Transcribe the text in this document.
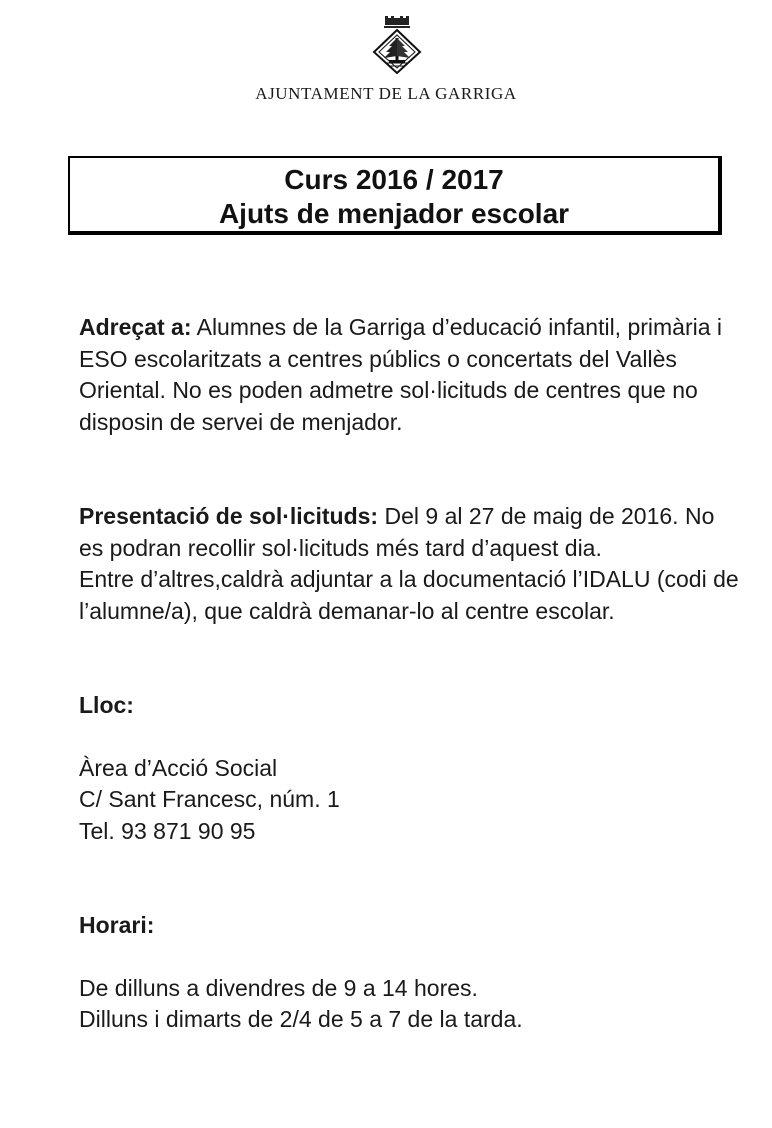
AJUNTAMENT DE LA GARRIGA
Curs 2016 / 2017
Ajuts de menjador escolar

Adreçat a: Alumnes de la Garriga d’educació infantil, primària i ESO escolaritzats a centres públics o concertats del Vallès Oriental. No es poden admetre sol·licituds de centres que no disposin de servei de menjador.

Presentació de sol·licituds: Del 9 al 27 de maig de 2016. No es podran recollir sol·licituds més tard d’aquest dia.

Entre d’altres,caldrà adjuntar a la documentació l’IDALU (codi de l’alumne/a), que caldrà demanar-lo al centre escolar.

Lloc:

Àrea d’Acció Social

C/ Sant Francesc, núm. 1

Tel. 93 871 90 95

Horari:

De dilluns a divendres de 9 a 14 hores.

Dilluns i dimarts de 2/4 de 5 a 7 de la tarda.
